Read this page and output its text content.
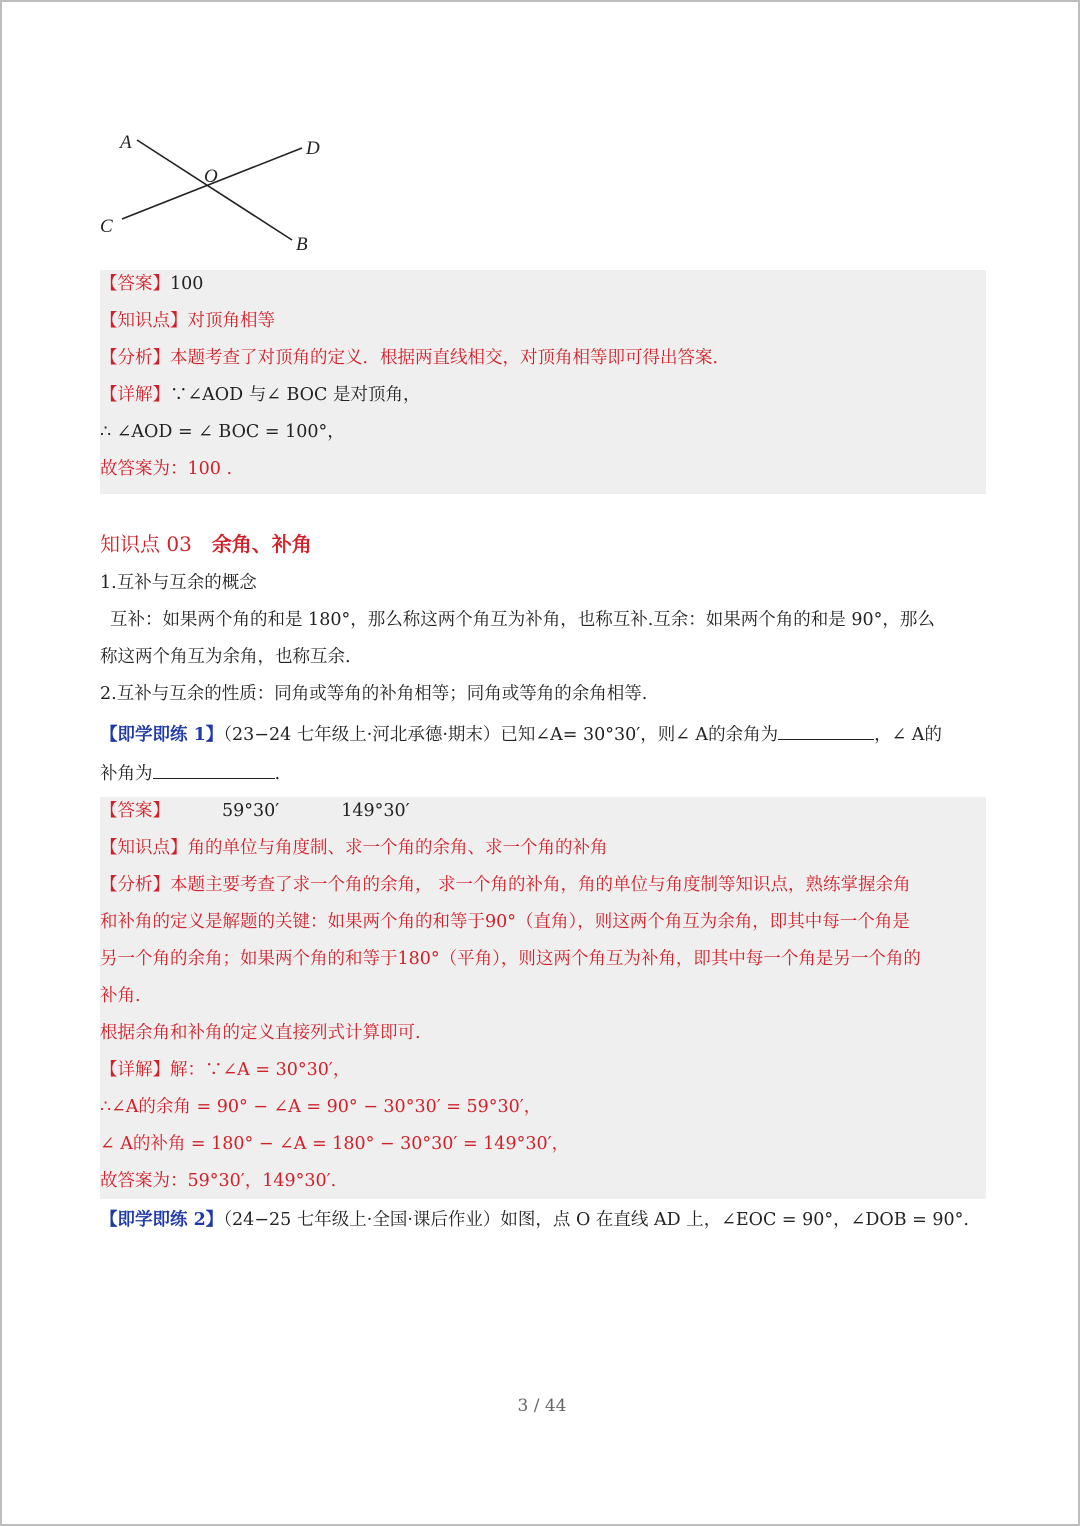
A	D
O
C
B
【答案】100
【知识点】对顶角相等
【分析】本题考查了对顶角的定义．根据两直线相交，对顶角相等即可得出答案．
【详解】∵∠AOD 与∠ BOC 是对顶角，
∴ ∠AOD = ∠ BOC = 100°，
故答案为：100 .
知识点 03 余角、补角
1.互补与互余的概念
互补：如果两个角的和是 180°，那么称这两个角互为补角，也称互补.互余：如果两个角的和是 90°，那么
称这两个角互为余角，也称互余.
2.互补与互余的性质：同角或等角的补角相等；同角或等角的余角相等.
【即学即练 1】（23−24 七年级上·河北承德·期末）已知∠A= 30°30′，则∠ A的余角为	，∠ A的
补角为	.
【答案】	59°30′	149°30′
【知识点】角的单位与角度制、求一个角的余角、求一个角的补角
【分析】本题主要考查了求一个角的余角， 求一个角的补角，角的单位与角度制等知识点，熟练掌握余角
和补角的定义是解题的关键：如果两个角的和等于90°（直角），则这两个角互为余角，即其中每一个角是
另一个角的余角；如果两个角的和等于180°（平角），则这两个角互为补角，即其中每一个角是另一个角的
补角.
根据余角和补角的定义直接列式计算即可.
【详解】解：∵∠A = 30°30′，
∴∠A的余角 = 90° − ∠A = 90° − 30°30′ = 59°30′，
∠ A的补角 = 180° − ∠A = 180° − 30°30′ = 149°30′，
故答案为：59°30′，149°30′.
【即学即练 2】（24−25 七年级上·全国·课后作业）如图，点 O 在直线 AD 上，∠EOC = 90°，∠DOB = 90°.
3 / 44
